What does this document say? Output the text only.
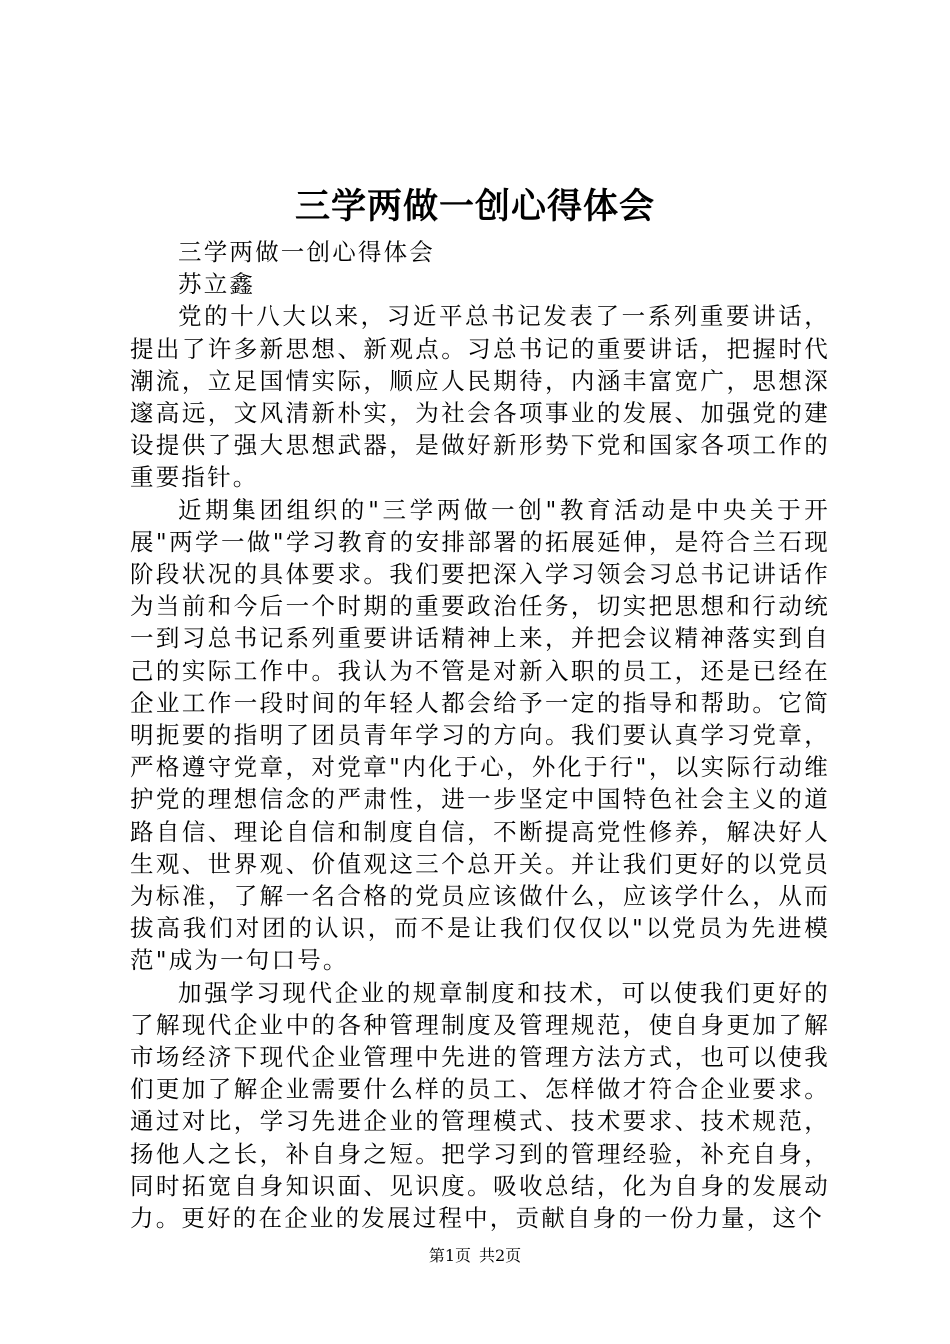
三学两做一创心得体会

三学两做一创心得体会

苏立鑫

党的十八大以来，习近平总书记发表了一系列重要讲话，提出了许多新思想、新观点。习总书记的重要讲话，把握时代潮流，立足国情实际，顺应人民期待，内涵丰富宽广，思想深邃高远，文风清新朴实，为社会各项事业的发展、加强党的建设提供了强大思想武器，是做好新形势下党和国家各项工作的重要指针。

近期集团组织的"三学两做一创"教育活动是中央关于开展"两学一做"学习教育的安排部署的拓展延伸，是符合兰石现阶段状况的具体要求。我们要把深入学习领会习总书记讲话作为当前和今后一个时期的重要政治任务，切实把思想和行动统一到习总书记系列重要讲话精神上来，并把会议精神落实到自己的实际工作中。我认为不管是对新入职的员工，还是已经在企业工作一段时间的年轻人都会给予一定的指导和帮助。它简明扼要的指明了团员青年学习的方向。我们要认真学习党章，严格遵守党章，对党章"内化于心，外化于行"，以实际行动维护党的理想信念的严肃性，进一步坚定中国特色社会主义的道路自信、理论自信和制度自信，不断提高党性修养，解决好人生观、世界观、价值观这三个总开关。并让我们更好的以党员为标准，了解一名合格的党员应该做什么，应该学什么，从而拔高我们对团的认识，而不是让我们仅仅以"以党员为先进模范"成为一句口号。

加强学习现代企业的规章制度和技术，可以使我们更好的了解现代企业中的各种管理制度及管理规范，使自身更加了解市场经济下现代企业管理中先进的管理方法方式，也可以使我们更加了解企业需要什么样的员工、怎样做才符合企业要求。通过对比，学习先进企业的管理模式、技术要求、技术规范，扬他人之长，补自身之短。把学习到的管理经验，补充自身，同时拓宽自身知识面、见识度。吸收总结，化为自身的发展动力。更好的在企业的发展过程中，贡献自身的一份力量，这个

第1页 共2页
